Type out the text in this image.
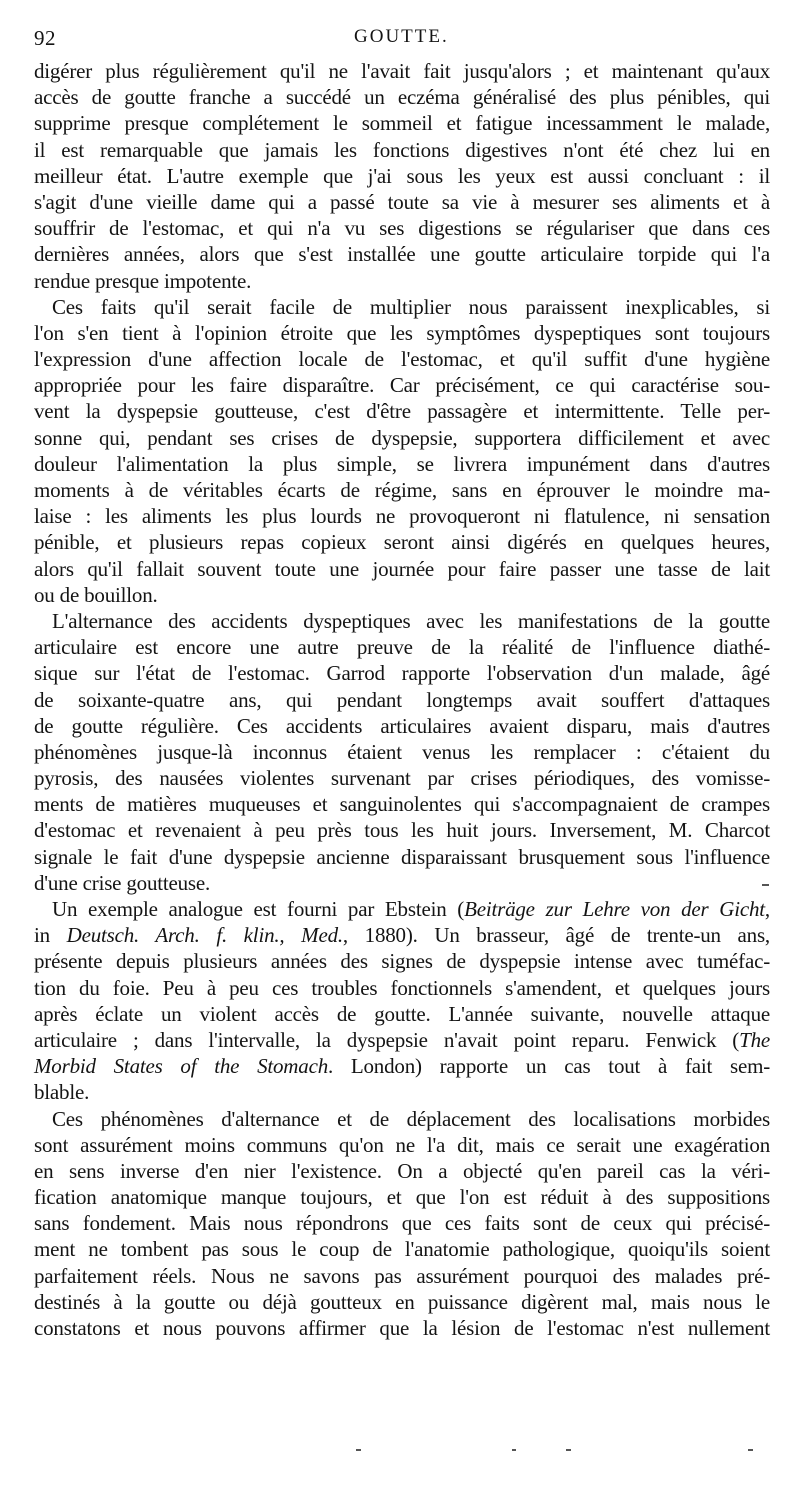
92	GOUTTE.
digérer plus régulièrement qu'il ne l'avait fait jusqu'alors ; et maintenant qu'aux
accès de goutte franche a succédé un eczéma généralisé des plus pénibles, qui
supprime presque complétement le sommeil et fatigue incessamment le malade,
il est remarquable que jamais les fonctions digestives n'ont été chez lui en
meilleur état. L'autre exemple que j'ai sous les yeux est aussi concluant : il
s'agit d'une vieille dame qui a passé toute sa vie à mesurer ses aliments et à
souffrir de l'estomac, et qui n'a vu ses digestions se régulariser que dans ces
dernières années, alors que s'est installée une goutte articulaire torpide qui l'a
rendue presque impotente.
Ces faits qu'il serait facile de multiplier nous paraissent inexplicables, si
l'on s'en tient à l'opinion étroite que les symptômes dyspeptiques sont toujours
l'expression d'une affection locale de l'estomac, et qu'il suffit d'une hygiène
appropriée pour les faire disparaître. Car précisément, ce qui caractérise sou-
vent la dyspepsie goutteuse, c'est d'être passagère et intermittente. Telle per-
sonne qui, pendant ses crises de dyspepsie, supportera difficilement et avec
douleur l'alimentation la plus simple, se livrera impunément dans d'autres
moments à de véritables écarts de régime, sans en éprouver le moindre ma-
laise : les aliments les plus lourds ne provoqueront ni flatulence, ni sensation
pénible, et plusieurs repas copieux seront ainsi digérés en quelques heures,
alors qu'il fallait souvent toute une journée pour faire passer une tasse de lait
ou de bouillon.
L'alternance des accidents dyspeptiques avec les manifestations de la goutte
articulaire est encore une autre preuve de la réalité de l'influence diathé-
sique sur l'état de l'estomac. Garrod rapporte l'observation d'un malade, âgé
de soixante-quatre ans, qui pendant longtemps avait souffert d'attaques
de goutte régulière. Ces accidents articulaires avaient disparu, mais d'autres
phénomènes jusque-là inconnus étaient venus les remplacer : c'étaient du
pyrosis, des nausées violentes survenant par crises périodiques, des vomisse-
ments de matières muqueuses et sanguinolentes qui s'accompagnaient de crampes
d'estomac et revenaient à peu près tous les huit jours. Inversement, M. Charcot
signale le fait d'une dyspepsie ancienne disparaissant brusquement sous l'influence
d'une crise goutteuse.
Un exemple analogue est fourni par Ebstein (Beiträge zur Lehre von der Gicht,
in Deutsch. Arch. f. klin., Med., 1880). Un brasseur, âgé de trente-un ans,
présente depuis plusieurs années des signes de dyspepsie intense avec tuméfac-
tion du foie. Peu à peu ces troubles fonctionnels s'amendent, et quelques jours
après éclate un violent accès de goutte. L'année suivante, nouvelle attaque
articulaire ; dans l'intervalle, la dyspepsie n'avait point reparu. Fenwick (The
Morbid States of the Stomach. London) rapporte un cas tout à fait sem-
blable.
Ces phénomènes d'alternance et de déplacement des localisations morbides
sont assurément moins communs qu'on ne l'a dit, mais ce serait une exagération
en sens inverse d'en nier l'existence. On a objecté qu'en pareil cas la véri-
fication anatomique manque toujours, et que l'on est réduit à des suppositions
sans fondement. Mais nous répondrons que ces faits sont de ceux qui précisé-
ment ne tombent pas sous le coup de l'anatomie pathologique, quoiqu'ils soient
parfaitement réels. Nous ne savons pas assurément pourquoi des malades pré-
destinés à la goutte ou déjà goutteux en puissance digèrent mal, mais nous le
constatons et nous pouvons affirmer que la lésion de l'estomac n'est nullement
